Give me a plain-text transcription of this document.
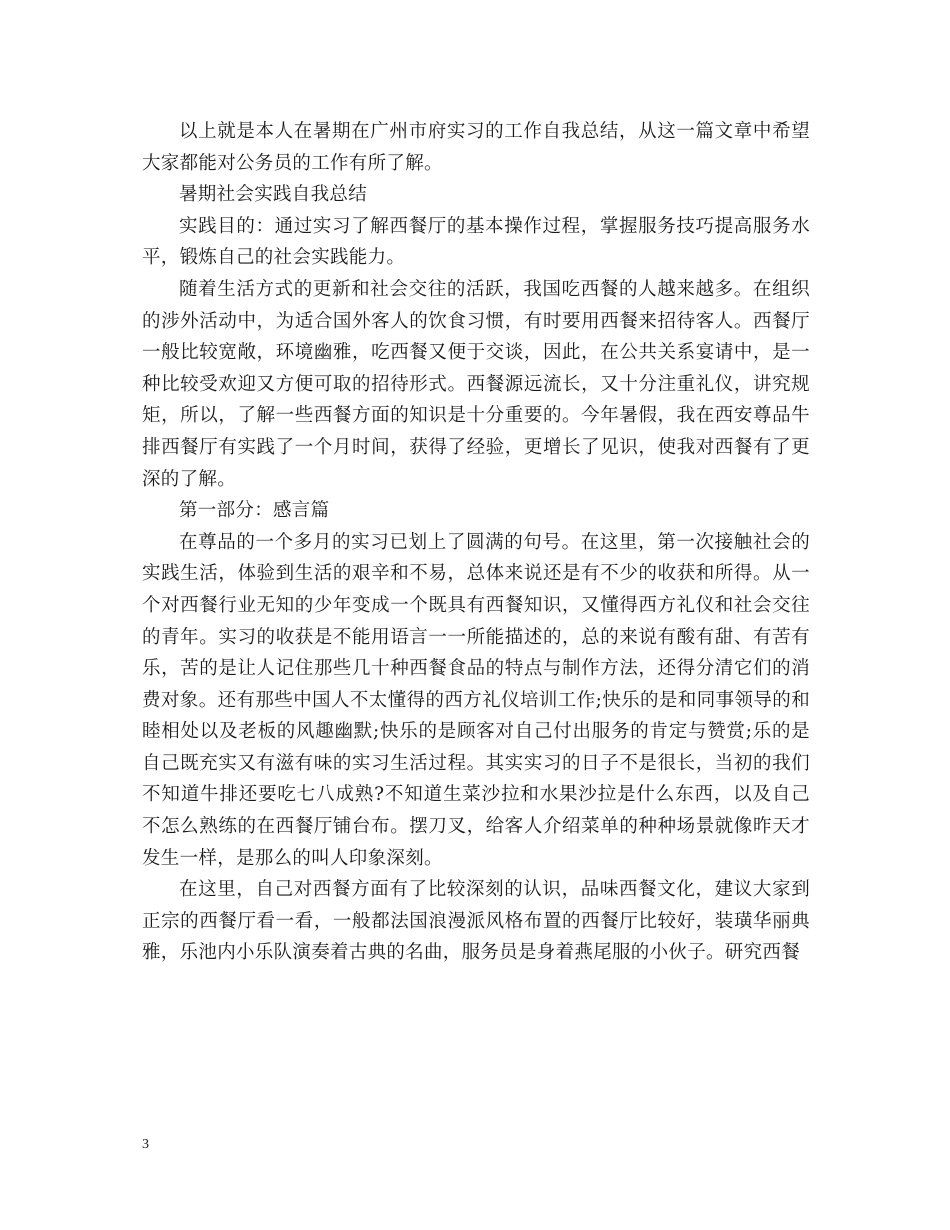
以上就是本人在暑期在广州市府实习的工作自我总结，从这一篇文章中希望大家都能对公务员的工作有所了解。

暑期社会实践自我总结

实践目的：通过实习了解西餐厅的基本操作过程，掌握服务技巧提高服务水平，锻炼自己的社会实践能力。

随着生活方式的更新和社会交往的活跃，我国吃西餐的人越来越多。在组织的涉外活动中，为适合国外客人的饮食习惯，有时要用西餐来招待客人。西餐厅一般比较宽敞，环境幽雅，吃西餐又便于交谈，因此，在公共关系宴请中，是一种比较受欢迎又方便可取的招待形式。西餐源远流长，又十分注重礼仪，讲究规矩，所以，了解一些西餐方面的知识是十分重要的。今年暑假，我在西安尊品牛排西餐厅有实践了一个月时间，获得了经验，更增长了见识，使我对西餐有了更深的了解。

第一部分：感言篇

在尊品的一个多月的实习已划上了圆满的句号。在这里，第一次接触社会的实践生活，体验到生活的艰辛和不易，总体来说还是有不少的收获和所得。从一个对西餐行业无知的少年变成一个既具有西餐知识，又懂得西方礼仪和社会交往的青年。实习的收获是不能用语言一一所能描述的，总的来说有酸有甜、有苦有乐，苦的是让人记住那些几十种西餐食品的特点与制作方法，还得分清它们的消费对象。还有那些中国人不太懂得的西方礼仪培训工作;快乐的是和同事领导的和睦相处以及老板的风趣幽默;快乐的是顾客对自己付出服务的肯定与赞赏;乐的是自己既充实又有滋有味的实习生活过程。其实实习的日子不是很长，当初的我们不知道牛排还要吃七八成熟?不知道生菜沙拉和水果沙拉是什么东西，以及自己不怎么熟练的在西餐厅铺台布。摆刀叉，给客人介绍菜单的种种场景就像昨天才发生一样，是那么的叫人印象深刻。

在这里，自己对西餐方面有了比较深刻的认识，品味西餐文化，建议大家到正宗的西餐厅看一看，一般都法国浪漫派风格布置的西餐厅比较好，装璜华丽典雅，乐池内小乐队演奏着古典的名曲，服务员是身着燕尾服的小伙子。研究西餐

3
